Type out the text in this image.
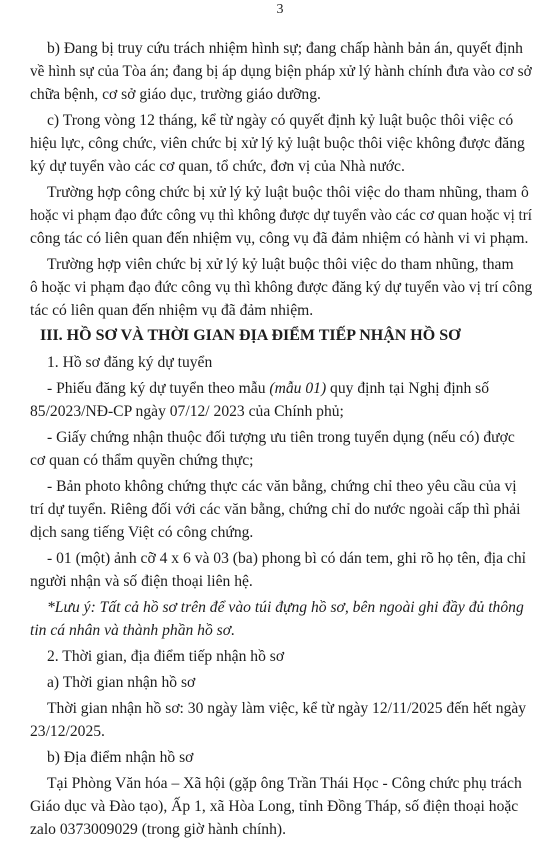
3
b) Đang bị truy cứu trách nhiệm hình sự; đang chấp hành bản án, quyết định
về hình sự của Tòa án; đang bị áp dụng biện pháp xử lý hành chính đưa vào cơ sở
chữa bệnh, cơ sở giáo dục, trường giáo dưỡng.
c) Trong vòng 12 tháng, kể từ ngày có quyết định kỷ luật buộc thôi việc có
hiệu lực, công chức, viên chức bị xử lý kỷ luật buộc thôi việc không được đăng
ký dự tuyển vào các cơ quan, tổ chức, đơn vị của Nhà nước.
Trường hợp công chức bị xử lý kỷ luật buộc thôi việc do tham nhũng, tham ô
hoặc vi phạm đạo đức công vụ thì không được dự tuyển vào các cơ quan hoặc vị trí
công tác có liên quan đến nhiệm vụ, công vụ đã đảm nhiệm có hành vi vi phạm.
Trường hợp viên chức bị xử lý kỷ luật buộc thôi việc do tham nhũng, tham
ô hoặc vi phạm đạo đức công vụ thì không được đăng ký dự tuyển vào vị trí công
tác có liên quan đến nhiệm vụ đã đảm nhiệm.
III. HỒ SƠ VÀ THỜI GIAN ĐỊA ĐIỂM TIẾP NHẬN HỒ SƠ
1. Hồ sơ đăng ký dự tuyển
- Phiếu đăng ký dự tuyển theo mẫu (mẫu 01) quy định tại Nghị định số
85/2023/NĐ-CP ngày 07/12/ 2023 của Chính phủ;
- Giấy chứng nhận thuộc đối tượng ưu tiên trong tuyển dụng (nếu có) được
cơ quan có thẩm quyền chứng thực;
- Bản photo không chứng thực các văn bằng, chứng chỉ theo yêu cầu của vị
trí dự tuyển. Riêng đối với các văn bằng, chứng chỉ do nước ngoài cấp thì phải
dịch sang tiếng Việt có công chứng.
- 01 (một) ảnh cỡ 4 x 6 và 03 (ba) phong bì có dán tem, ghi rõ họ tên, địa chỉ
người nhận và số điện thoại liên hệ.
*Lưu ý: Tất cả hồ sơ trên để vào túi đựng hồ sơ, bên ngoài ghi đầy đủ thông
tin cá nhân và thành phần hồ sơ.
2. Thời gian, địa điểm tiếp nhận hồ sơ
a) Thời gian nhận hồ sơ
Thời gian nhận hồ sơ: 30 ngày làm việc, kể từ ngày 12/11/2025 đến hết ngày
23/12/2025.
b) Địa điểm nhận hồ sơ
Tại Phòng Văn hóa – Xã hội (gặp ông Trần Thái Học - Công chức phụ trách
Giáo dục và Đào tạo), Ấp 1, xã Hòa Long, tỉnh Đồng Tháp, số điện thoại hoặc
zalo 0373009029 (trong giờ hành chính).
